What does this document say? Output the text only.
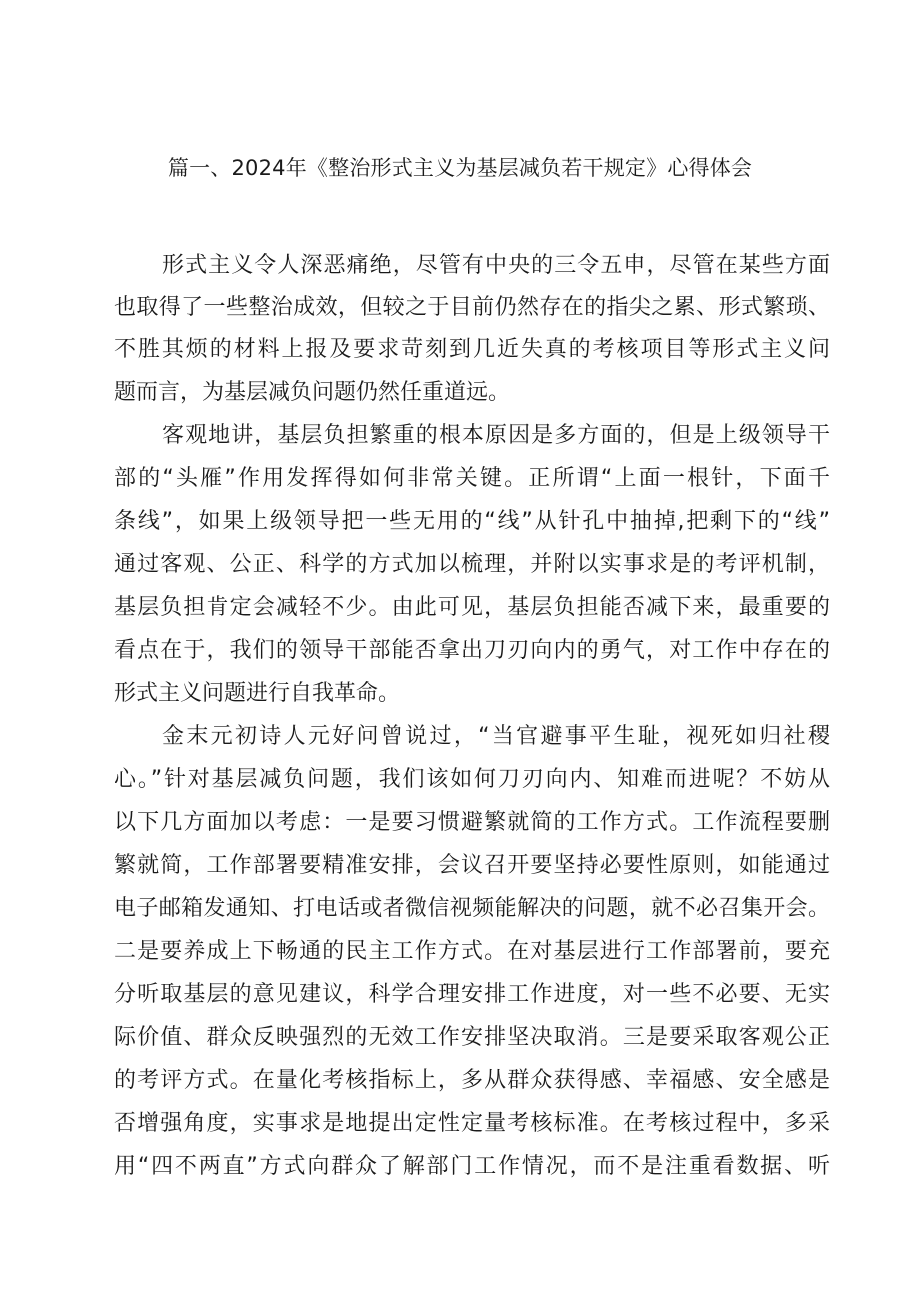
篇一、2024年《整治形式主义为基层减负若干规定》心得体会
形式主义令人深恶痛绝，尽管有中央的三令五申，尽管在某些方面
也取得了一些整治成效，但较之于目前仍然存在的指尖之累、形式繁琐、
不胜其烦的材料上报及要求苛刻到几近失真的考核项目等形式主义问
题而言，为基层减负问题仍然任重道远。
客观地讲，基层负担繁重的根本原因是多方面的，但是上级领导干
部的“头雁”作用发挥得如何非常关键。正所谓“上面一根针，下面千
条线”，如果上级领导把一些无用的“线”从针孔中抽掉,把剩下的“线”
通过客观、公正、科学的方式加以梳理，并附以实事求是的考评机制，
基层负担肯定会减轻不少。由此可见，基层负担能否减下来，最重要的
看点在于，我们的领导干部能否拿出刀刃向内的勇气，对工作中存在的
形式主义问题进行自我革命。
金末元初诗人元好问曾说过，“当官避事平生耻，视死如归社稷
心。”针对基层减负问题，我们该如何刀刃向内、知难而进呢？不妨从
以下几方面加以考虑：一是要习惯避繁就简的工作方式。工作流程要删
繁就简，工作部署要精准安排，会议召开要坚持必要性原则，如能通过
电子邮箱发通知、打电话或者微信视频能解决的问题，就不必召集开会。
二是要养成上下畅通的民主工作方式。在对基层进行工作部署前，要充
分听取基层的意见建议，科学合理安排工作进度，对一些不必要、无实
际价值、群众反映强烈的无效工作安排坚决取消。三是要采取客观公正
的考评方式。在量化考核指标上，多从群众获得感、幸福感、安全感是
否增强角度，实事求是地提出定性定量考核标准。在考核过程中，多采
用“四不两直”方式向群众了解部门工作情况，而不是注重看数据、听
